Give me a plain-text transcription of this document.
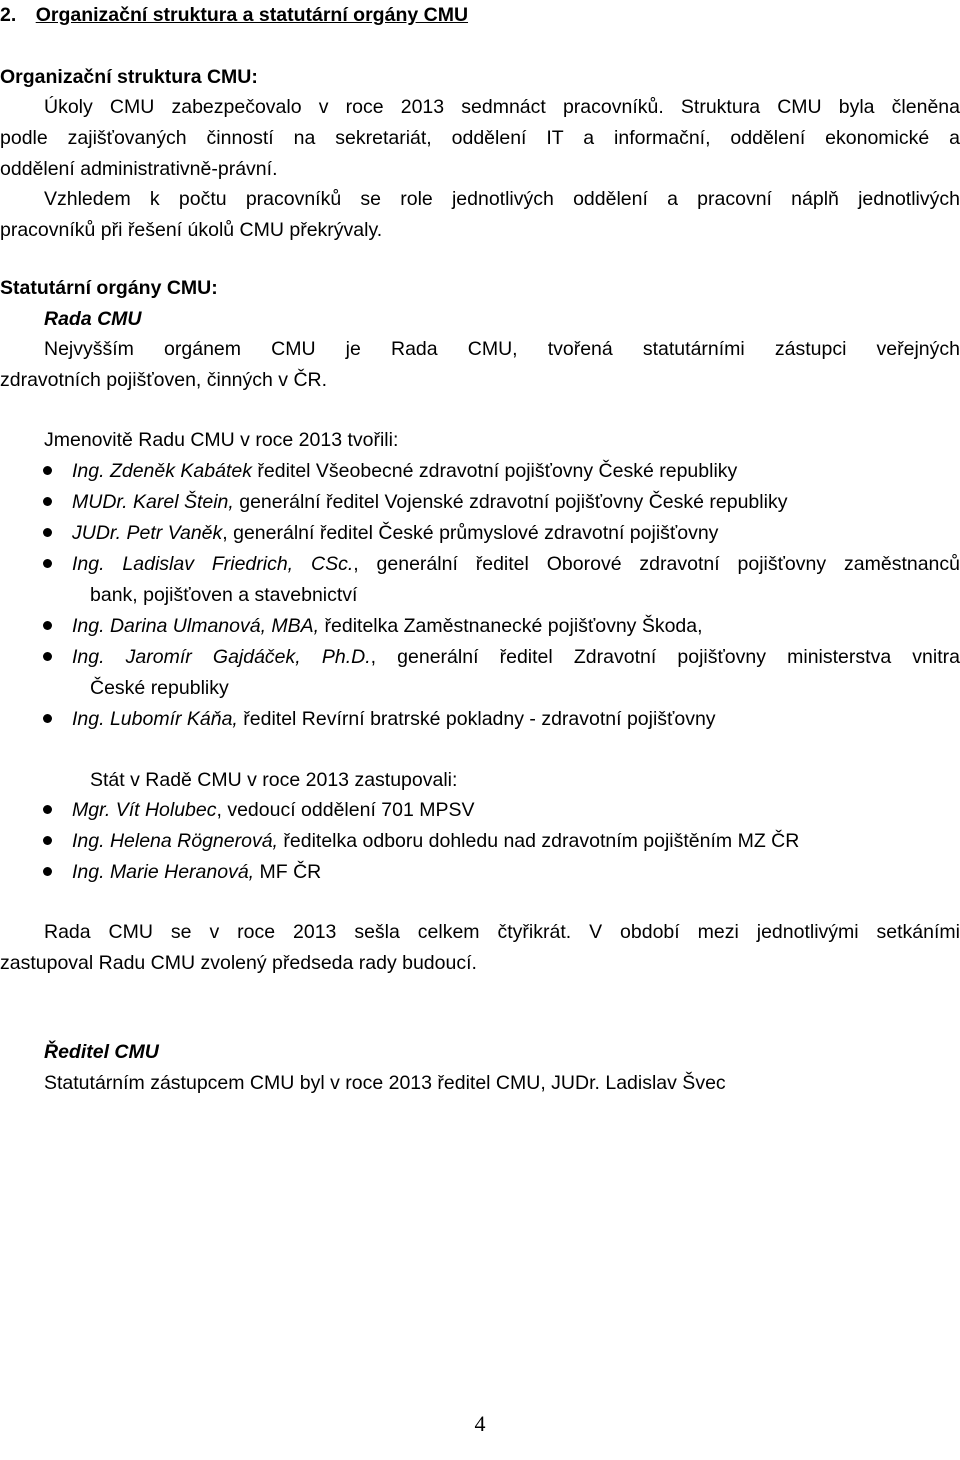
2. Organizační struktura a statutární orgány CMU
Organizační struktura CMU:
Úkoly CMU zabezpečovalo v roce 2013 sedmnáct pracovníků. Struktura CMU byla členěna
podle zajišťovaných činností na sekretariát, oddělení IT a informační, oddělení ekonomické a
oddělení administrativně-právní.
Vzhledem k počtu pracovníků se role jednotlivých oddělení a pracovní náplň jednotlivých
pracovníků při řešení úkolů CMU překrývaly.
Statutární orgány CMU:
Rada CMU
Nejvyšším orgánem CMU je Rada CMU, tvořená statutárními zástupci veřejných
zdravotních pojišťoven, činných v ČR.
Jmenovitě Radu CMU v roce 2013 tvořili:
Ing. Zdeněk Kabátek ředitel Všeobecné zdravotní pojišťovny České republiky
MUDr. Karel Štein, generální ředitel Vojenské zdravotní pojišťovny České republiky
JUDr. Petr Vaněk, generální ředitel České průmyslové zdravotní pojišťovny
Ing. Ladislav Friedrich, CSc., generální ředitel Oborové zdravotní pojišťovny zaměstnanců
bank, pojišťoven a stavebnictví
Ing. Darina Ulmanová, MBA, ředitelka Zaměstnanecké pojišťovny Škoda,
Ing. Jaromír Gajdáček, Ph.D., generální ředitel Zdravotní pojišťovny ministerstva vnitra
České republiky
Ing. Lubomír Káňa, ředitel Revírní bratrské pokladny - zdravotní pojišťovny
Stát v Radě CMU v roce 2013 zastupovali:
Mgr. Vít Holubec, vedoucí oddělení 701 MPSV
Ing. Helena Rögnerová, ředitelka odboru dohledu nad zdravotním pojištěním MZ ČR
Ing. Marie Heranová, MF ČR
Rada CMU se v roce 2013 sešla celkem čtyřikrát. V období mezi jednotlivými setkáními
zastupoval Radu CMU zvolený předseda rady budoucí.
Ředitel CMU
Statutárním zástupcem CMU byl v roce 2013 ředitel CMU, JUDr. Ladislav Švec
4
